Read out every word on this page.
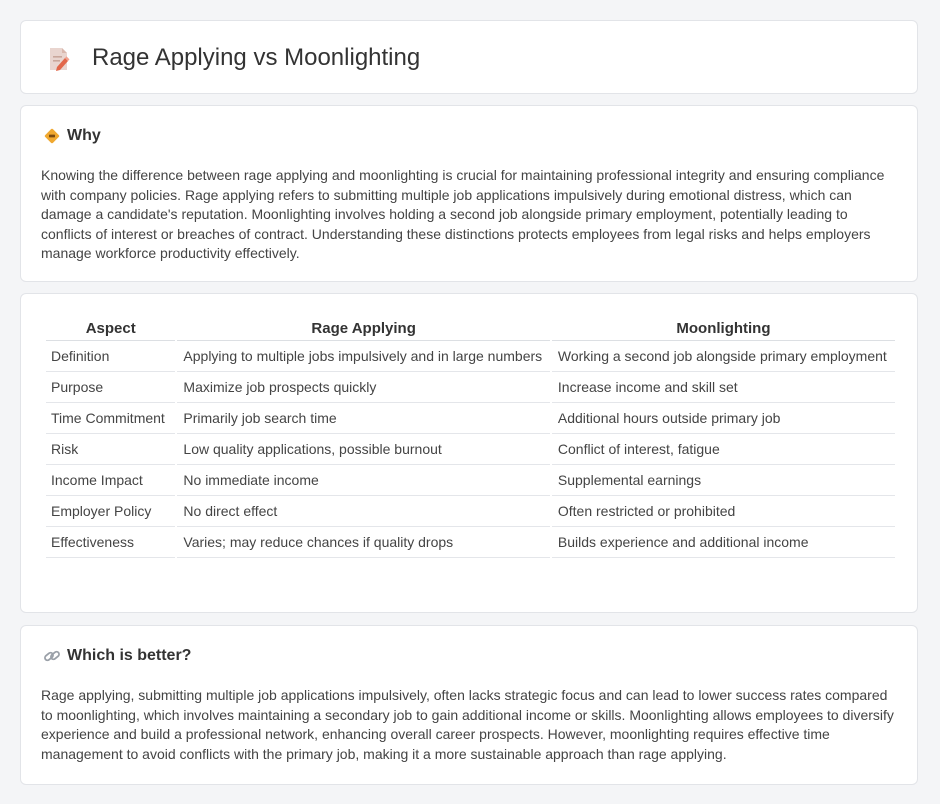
Rage Applying vs Moonlighting
Why

Knowing the difference between rage applying and moonlighting is crucial for maintaining professional integrity and ensuring compliance with company policies. Rage applying refers to submitting multiple job applications impulsively during emotional distress, which can damage a candidate's reputation. Moonlighting involves holding a second job alongside primary employment, potentially leading to conflicts of interest or breaches of contract. Understanding these distinctions protects employees from legal risks and helps employers manage workforce productivity effectively.

Aspect	Rage Applying	Moonlighting
Definition	Applying to multiple jobs impulsively and in large numbers	Working a second job alongside primary employment
Purpose	Maximize job prospects quickly	Increase income and skill set
Time Commitment	Primarily job search time	Additional hours outside primary job
Risk	Low quality applications, possible burnout	Conflict of interest, fatigue
Income Impact	No immediate income	Supplemental earnings
Employer Policy	No direct effect	Often restricted or prohibited
Effectiveness	Varies; may reduce chances if quality drops	Builds experience and additional income
Which is better?

Rage applying, submitting multiple job applications impulsively, often lacks strategic focus and can lead to lower success rates compared to moonlighting, which involves maintaining a secondary job to gain additional income or skills. Moonlighting allows employees to diversify experience and build a professional network, enhancing overall career prospects. However, moonlighting requires effective time management to avoid conflicts with the primary job, making it a more sustainable approach than rage applying.
